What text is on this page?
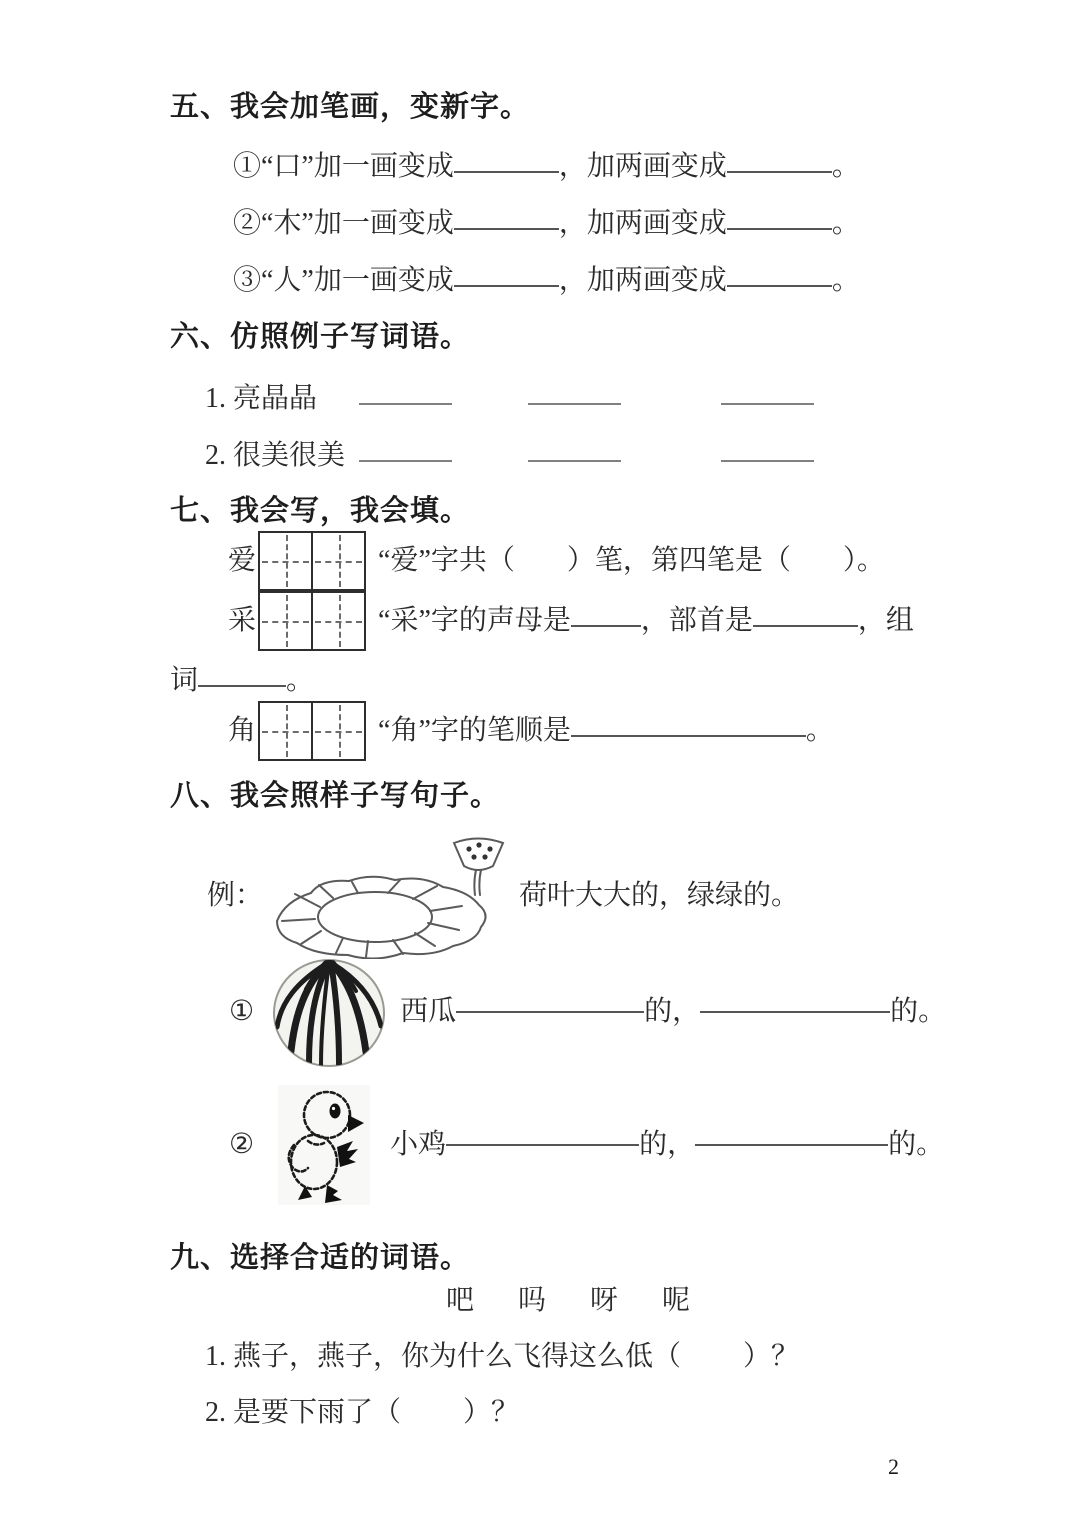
五、我会加笔画，变新字。
①“口”加一画变成	，加两画变成	。
②“木”加一画变成	，加两画变成	。
③“人”加一画变成	，加两画变成	。
六、仿照例子写词语。
1. 亮晶晶
2. 很美很美
七、我会写，我会填。
爱	“爱”字共（ ）笔，第四笔是（ ）。
采	“采”字的声母是	，部首是	，组
词	。
角	“角”字的笔顺是	。
八、我会照样子写句子。
例：	荷叶大大的，绿绿的。
①	西瓜	的，	的。
②	小鸡	的，	的。
九、选择合适的词语。
吧 吗 呀 呢
1. 燕子，燕子，你为什么飞得这么低（ ）？
2. 是要下雨了（ ）？
2
